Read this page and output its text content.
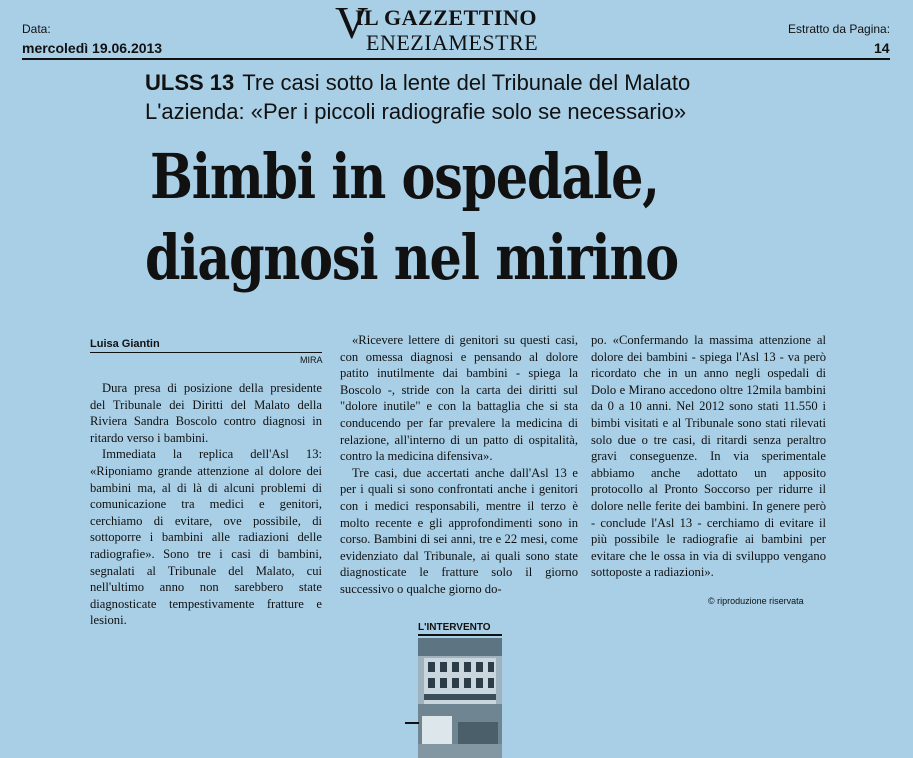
Data:
mercoledì 19.06.2013	V
IL GAZZETTINO
ENEZIAMESTRE
Estratto da Pagina:
14
ULSS 13 Tre casi sotto la lente del Tribunale del Malato
L'azienda: «Per i piccoli radiografie solo se necessario»
Bimbi in ospedale,
diagnosi nel mirino
Luisa Giantin
MIRA

Dura presa di posizione della presidente del Tribunale dei Diritti del Malato della Riviera Sandra Boscolo contro diagnosi in ritardo verso i bambini.

Immediata la replica dell'Asl 13: «Riponiamo grande attenzione al dolore dei bambini ma, al di là di alcuni problemi di comunicazione tra medici e genitori, cerchiamo di evitare, ove possibile, di sottoporre i bambini alle radiazioni delle radiografie». Sono tre i casi di bambini, segnalati al Tribunale del Malato, cui nell'ultimo anno non sarebbero state diagnosticate tempestivamente fratture e lesioni.

«Ricevere lettere di genitori su questi casi, con omessa diagnosi e pensando al dolore patito inutilmente dai bambini - spiega la Boscolo -, stride con la carta dei diritti sul "dolore inutile" e con la battaglia che si sta conducendo per far prevalere la medicina di relazione, all'interno di un patto di ospitalità, contro la medicina difensiva».

Tre casi, due accertati anche dall'Asl 13 e per i quali si sono confrontati anche i genitori con i medici responsabili, mentre il terzo è molto recente e gli approfondimenti sono in corso. Bambini di sei anni, tre e 22 mesi, come evidenziato dal Tribunale, ai quali sono state diagnosticate le fratture solo il giorno successivo o qualche giorno do-

po. «Confermando la massima attenzione al dolore dei bambini - spiega l'Asl 13 - va però ricordato che in un anno negli ospedali di Dolo e Mirano accedono oltre 12mila bambini da 0 a 10 anni. Nel 2012 sono stati 11.550 i bimbi visitati e al Tribunale sono stati rilevati solo due o tre casi, di ritardi senza peraltro gravi conseguenze. In via sperimentale abbiamo anche adottato un apposito protocollo al Pronto Soccorso per ridurre il dolore nelle ferite dei bambini. In genere però - conclude l'Asl 13 - cerchiamo di evitare il più possibile le radiografie ai bambini per evitare che le ossa in via di sviluppo vengano sottoposte a radiazioni».

© riproduzione riservata
L'INTERVENTO
